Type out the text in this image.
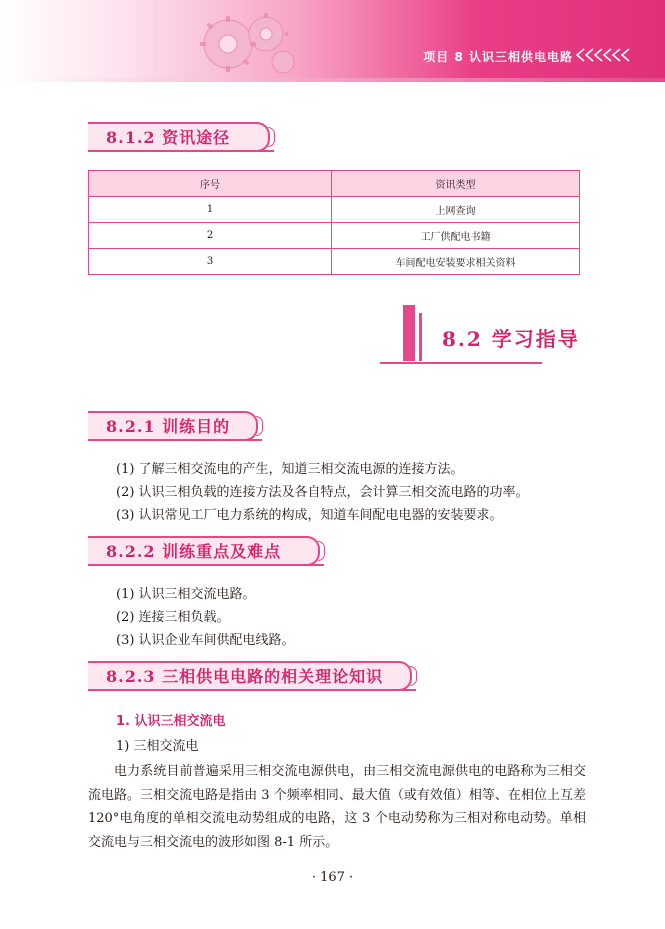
项目 8 认识三相供电电路
8.1.2 资讯途径
序号	资讯类型
1	上网查询
2	工厂供配电书籍
3	车间配电安装要求相关资料
8.2 学习指导
8.2.1 训练目的
(1) 了解三相交流电的产生，知道三相交流电源的连接方法。
(2) 认识三相负载的连接方法及各自特点，会计算三相交流电路的功率。
(3) 认识常见工厂电力系统的构成，知道车间配电电器的安装要求。
8.2.2 训练重点及难点
(1) 认识三相交流电路。
(2) 连接三相负载。
(3) 认识企业车间供配电线路。
8.2.3 三相供电电路的相关理论知识
1. 认识三相交流电
1) 三相交流电
电力系统目前普遍采用三相交流电源供电，由三相交流电源供电的电路称为三相交流电路。三相交流电路是指由 3 个频率相同、最大值（或有效值）相等、在相位上互差 120°电角度的单相交流电动势组成的电路，这 3 个电动势称为三相对称电动势。单相交流电与三相交流电的波形如图 8-1 所示。
· 167 ·
